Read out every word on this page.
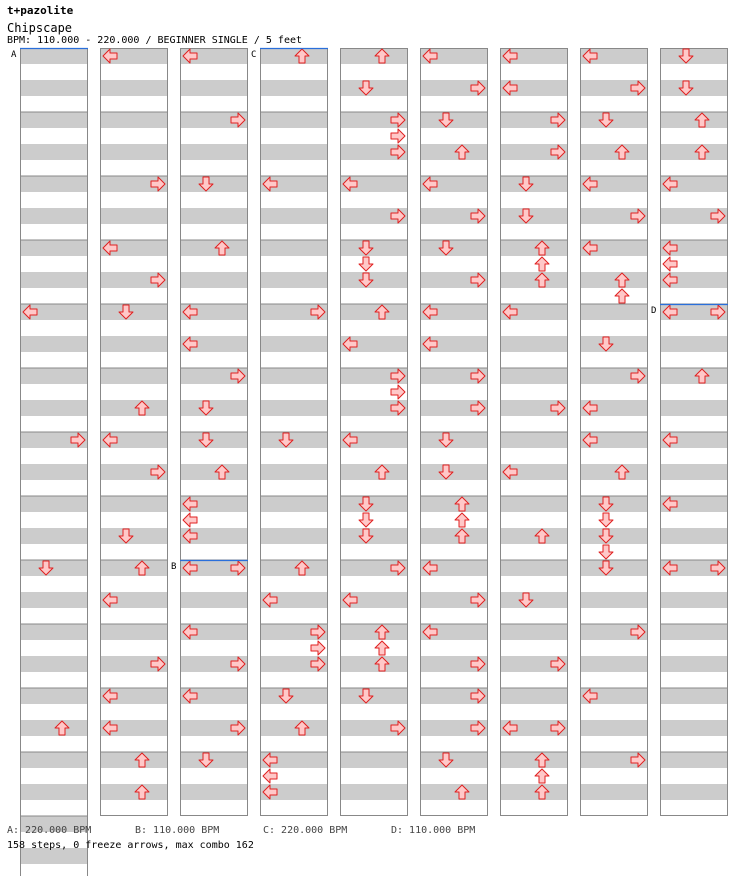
t+pazolite
Chipscape
BPM: 110.000 - 220.000 / BEGINNER SINGLE / 5 feet
A
B
C
D
A: 220.000 BPM	B: 110.000 BPM	C: 220.000 BPM	D: 110.000 BPM
158 steps, 0 freeze arrows, max combo 162
